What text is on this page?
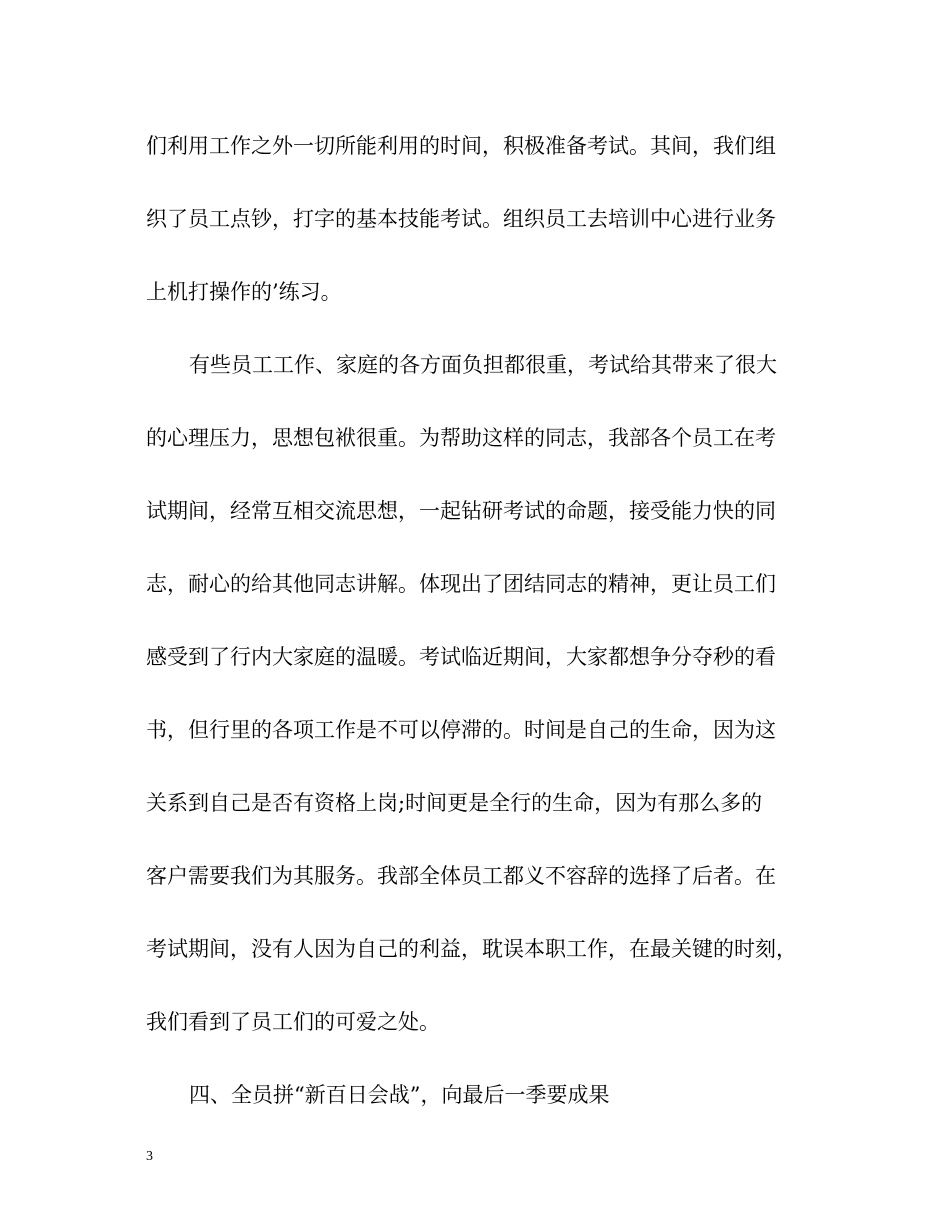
们利用工作之外一切所能利用的时间，积极准备考试。其间，我们组
织了员工点钞，打字的基本技能考试。组织员工去培训中心进行业务
上机打操作的’练习。
有些员工工作、家庭的各方面负担都很重，考试给其带来了很大
的心理压力，思想包袱很重。为帮助这样的同志，我部各个员工在考
试期间，经常互相交流思想，一起钻研考试的命题，接受能力快的同
志，耐心的给其他同志讲解。体现出了团结同志的精神，更让员工们
感受到了行内大家庭的温暖。考试临近期间，大家都想争分夺秒的看
书，但行里的各项工作是不可以停滞的。时间是自己的生命，因为这
关系到自己是否有资格上岗;时间更是全行的生命，因为有那么多的
客户需要我们为其服务。我部全体员工都义不容辞的选择了后者。在
考试期间，没有人因为自己的利益，耽误本职工作，在最关键的时刻，
我们看到了员工们的可爱之处。
四、全员拼“新百日会战”，向最后一季要成果
3
